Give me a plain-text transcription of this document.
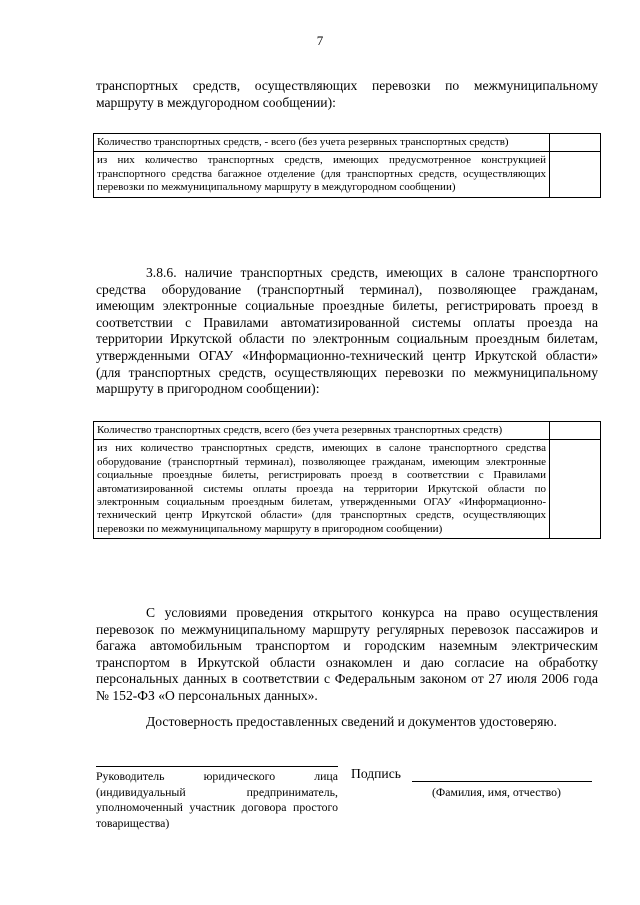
7

транспортных средств, осуществляющих перевозки по межмуниципальному маршруту в междугородном сообщении):

Количество транспортных средств, - всего (без учета резервных транспортных средств)	
из них количество транспортных средств, имеющих предусмотренное конструкцией транспортного средства багажное отделение (для транспортных средств, осуществляющих перевозки по межмуниципальному маршруту в междугородном сообщении)	

3.8.6. наличие транспортных средств, имеющих в салоне транспортного средства оборудование (транспортный терминал), позволяющее гражданам, имеющим электронные социальные проездные билеты, регистрировать проезд в соответствии с Правилами автоматизированной системы оплаты проезда на территории Иркутской области по электронным социальным проездным билетам, утвержденными ОГАУ «Информационно-технический центр Иркутской области» (для транспортных средств, осуществляющих перевозки по межмуниципальному маршруту в пригородном сообщении):

Количество транспортных средств, всего (без учета резервных транспортных средств)	
из них количество транспортных средств, имеющих в салоне транспортного средства оборудование (транспортный терминал), позволяющее гражданам, имеющим электронные социальные проездные билеты, регистрировать проезд в соответствии с Правилами автоматизированной системы оплаты проезда на территории Иркутской области по электронным социальным проездным билетам, утвержденными ОГАУ «Информационно-технический центр Иркутской области» (для транспортных средств, осуществляющих перевозки по межмуниципальному маршруту в пригородном сообщении)	

С условиями проведения открытого конкурса на право осуществления перевозок по межмуниципальному маршруту регулярных перевозок пассажиров и багажа автомобильным транспортом и городским наземным электрическим транспортом в Иркутской области ознакомлен и даю согласие на обработку персональных данных в соответствии с Федеральным законом от 27 июля 2006 года № 152-ФЗ «О персональных данных».

Достоверность предоставленных сведений и документов удостоверяю.

Руководитель юридического лица (индивидуальный предприниматель, уполномоченный участник договора простого товарищества)
Подпись
(Фамилия, имя, отчество)
